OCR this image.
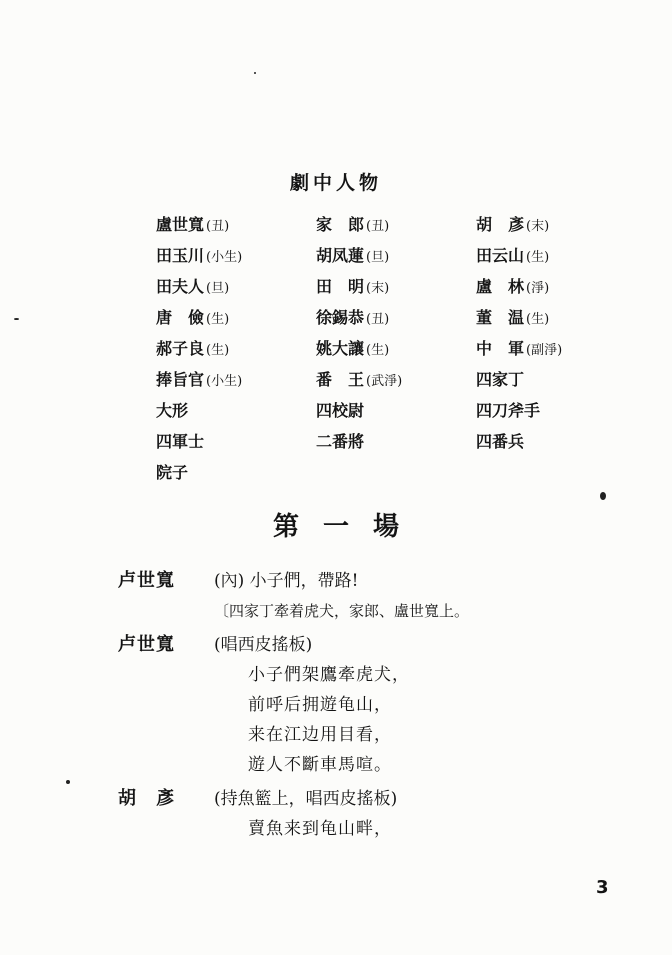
劇中人物
盧世寬 (丑)	家　郎 (丑)	胡　彥 (末)
田玉川 (小生)	胡凤蓮 (旦)	田云山 (生)
田夫人 (旦)	田　明 (末)	盧　林 (淨)
唐　儉 (生)	徐錫恭 (丑)	董　温 (生)
郝子良 (生)	姚大讓 (生)	中　軍 (副淨)
捧旨官 (小生)	番　王 (武淨)	四家丁
大形	四校尉	四刀斧手
四軍士	二番將	四番兵
院子
第一場
卢世寬 (內) 小子們，帶路!
〔四家丁牽着虎犬，家郎、盧世寬上。
卢世寬 (唱西皮搖板)
小子們架鷹牽虎犬，
前呼后拥遊龟山，
来在江边用目看，
遊人不斷車馬喧。
胡　彥 (持魚籃上，唱西皮搖板)
賣魚来到龟山畔，
3
